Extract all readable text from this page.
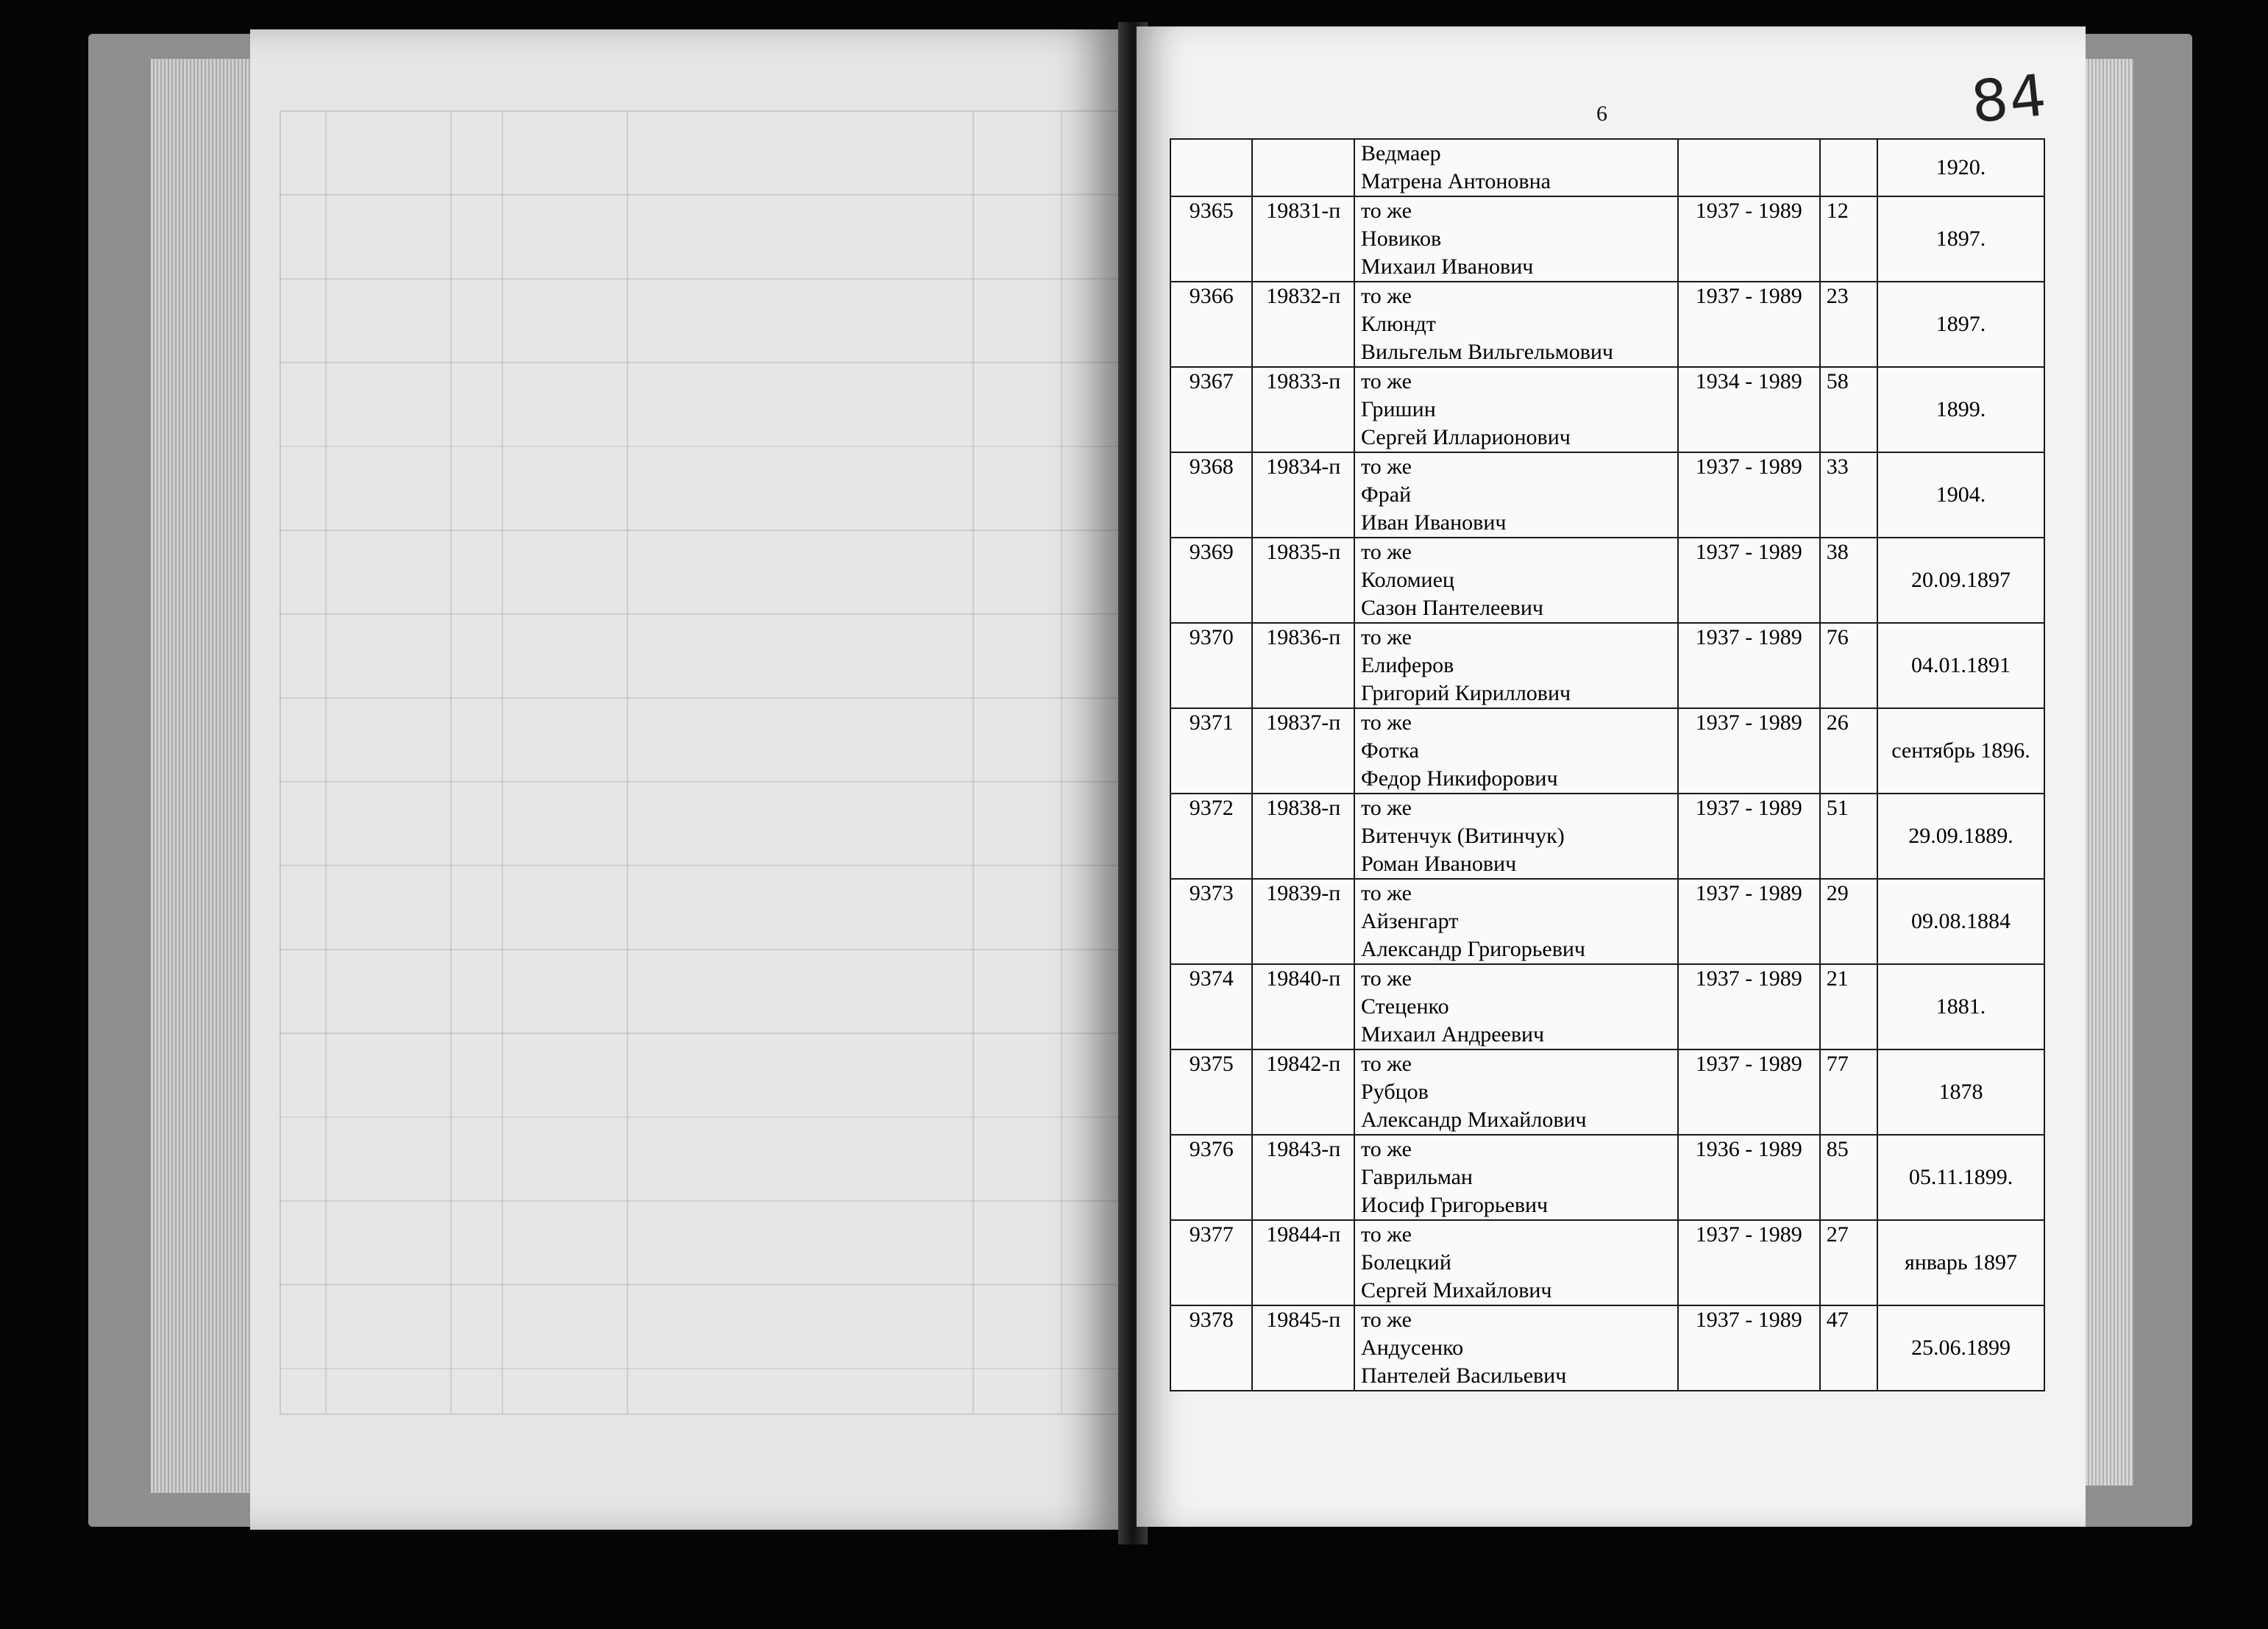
6	84

		Ведмаер
Матрена Антоновна			1920.
9365	19831-п	то же
Новиков
Михаил Иванович	1937 - 1989	12	1897.
9366	19832-п	то же
Клюндт
Вильгельм Вильгельмович	1937 - 1989	23	1897.
9367	19833-п	то же
Гришин
Сергей Илларионович	1934 - 1989	58	1899.
9368	19834-п	то же
Фрай
Иван Иванович	1937 - 1989	33	1904.
9369	19835-п	то же
Коломиец
Сазон Пантелеевич	1937 - 1989	38	20.09.1897
9370	19836-п	то же
Елиферов
Григорий Кириллович	1937 - 1989	76	04.01.1891
9371	19837-п	то же
Фотка
Федор Никифорович	1937 - 1989	26	сентябрь 1896.
9372	19838-п	то же
Витенчук (Витинчук)
Роман Иванович	1937 - 1989	51	29.09.1889.
9373	19839-п	то же
Айзенгарт
Александр Григорьевич	1937 - 1989	29	09.08.1884
9374	19840-п	то же
Стеценко
Михаил Андреевич	1937 - 1989	21	1881.
9375	19842-п	то же
Рубцов
Александр Михайлович	1937 - 1989	77	1878
9376	19843-п	то же
Гаврильман
Иосиф Григорьевич	1936 - 1989	85	05.11.1899.
9377	19844-п	то же
Болецкий
Сергей Михайлович	1937 - 1989	27	январь 1897
9378	19845-п	то же
Андусенко
Пантелей Васильевич	1937 - 1989	47	25.06.1899
